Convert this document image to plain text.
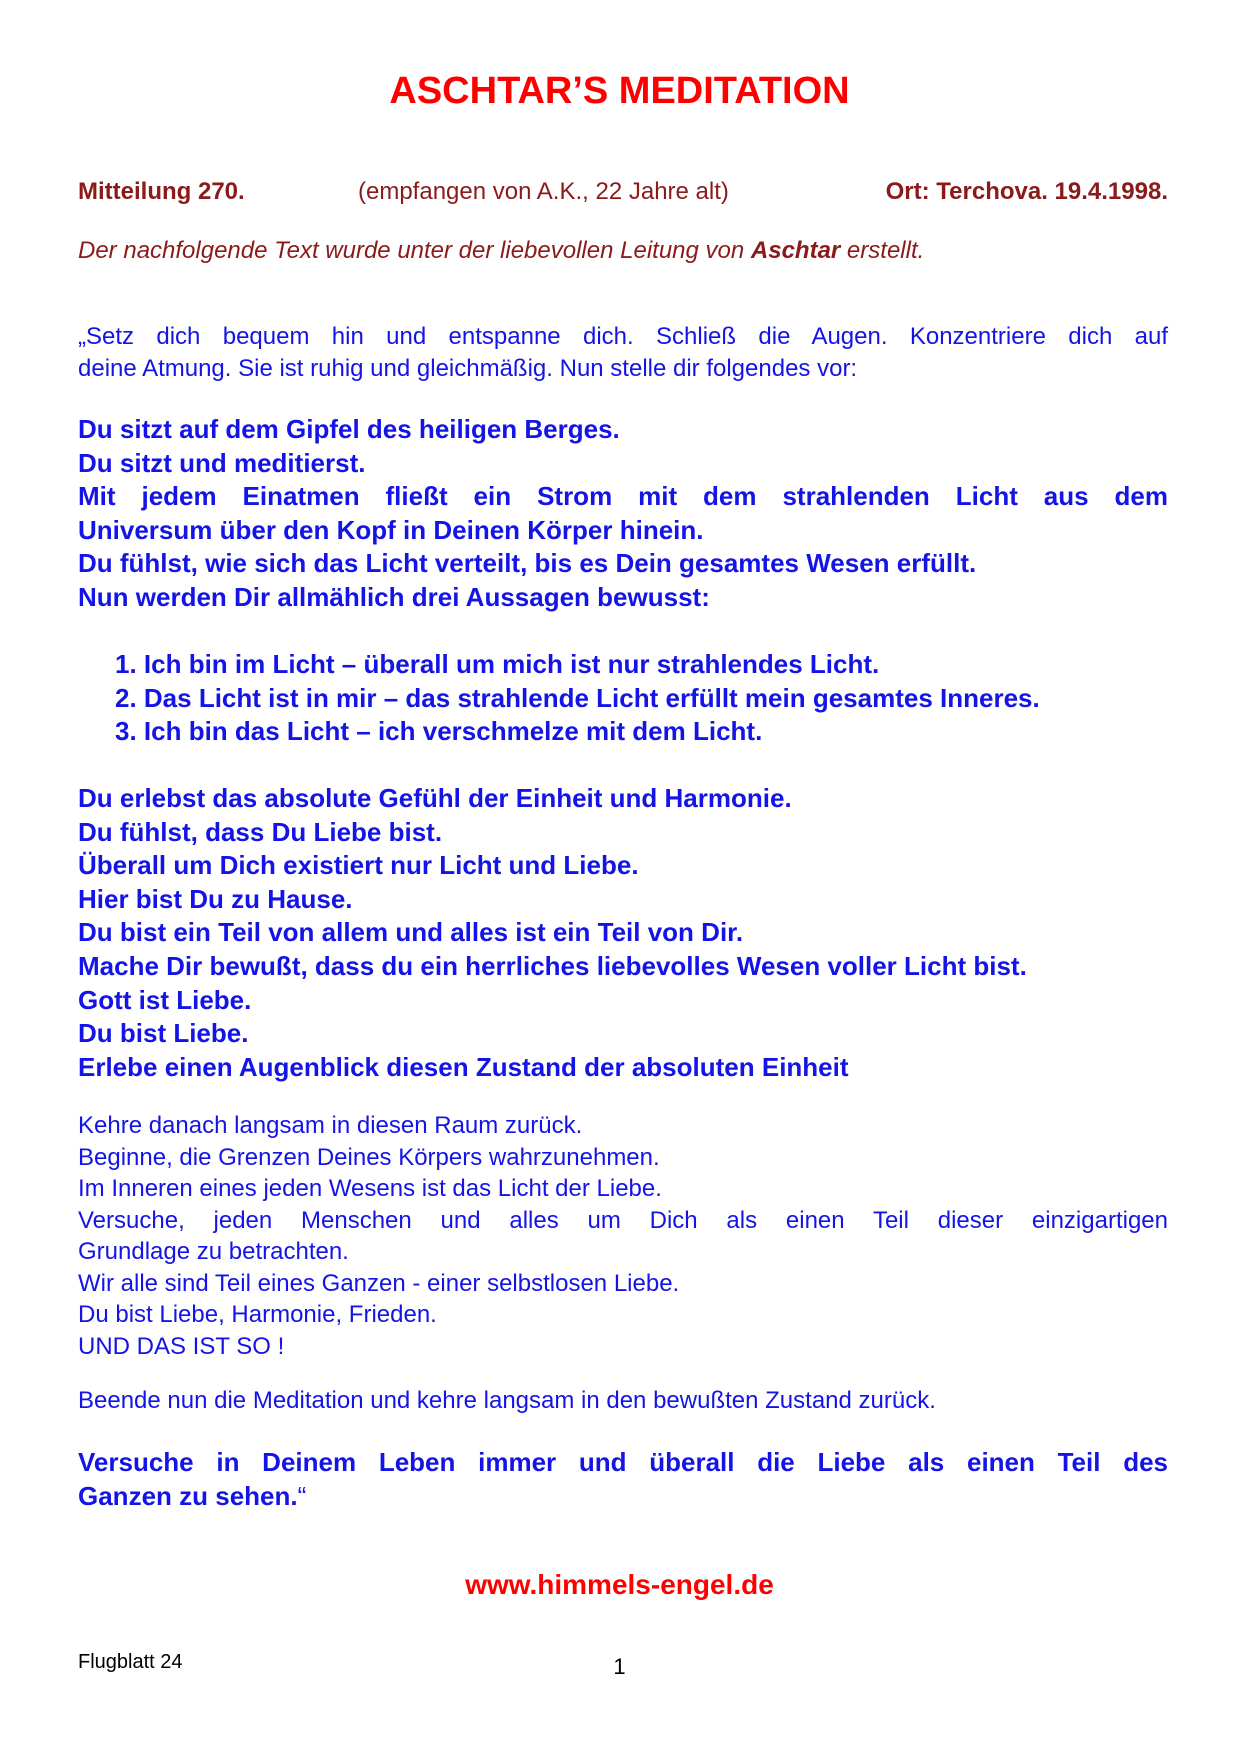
ASCHTAR’S MEDITATION
Mitteilung 270.	(empfangen von A.K., 22 Jahre alt)	Ort: Terchova. 19.4.1998.
Der nachfolgende Text wurde unter der liebevollen Leitung von Aschtar erstellt.
„Setz dich bequem hin und entspanne dich. Schließ die Augen. Konzentriere dich auf
deine Atmung. Sie ist ruhig und gleichmäßig. Nun stelle dir folgendes vor:
Du sitzt auf dem Gipfel des heiligen Berges.
Du sitzt und meditierst.
Mit jedem Einatmen fließt ein Strom mit dem strahlenden Licht aus dem
Universum über den Kopf in Deinen Körper hinein.
Du fühlst, wie sich das Licht verteilt, bis es Dein gesamtes Wesen erfüllt.
Nun werden Dir allmählich drei Aussagen bewusst:
1. Ich bin im Licht – überall um mich ist nur strahlendes Licht.
2. Das Licht ist in mir – das strahlende Licht erfüllt mein gesamtes Inneres.
3. Ich bin das Licht – ich verschmelze mit dem Licht.
Du erlebst das absolute Gefühl der Einheit und Harmonie.
Du fühlst, dass Du Liebe bist.
Überall um Dich existiert nur Licht und Liebe.
Hier bist Du zu Hause.
Du bist ein Teil von allem und alles ist ein Teil von Dir.
Mache Dir bewußt, dass du ein herrliches liebevolles Wesen voller Licht bist.
Gott ist Liebe.
Du bist Liebe.
Erlebe einen Augenblick diesen Zustand der absoluten Einheit
Kehre danach langsam in diesen Raum zurück.
Beginne, die Grenzen Deines Körpers wahrzunehmen.
Im Inneren eines jeden Wesens ist das Licht der Liebe.
Versuche, jeden Menschen und alles um Dich als einen Teil dieser einzigartigen
Grundlage zu betrachten.
Wir alle sind Teil eines Ganzen - einer selbstlosen Liebe.
Du bist Liebe, Harmonie, Frieden.
UND DAS IST SO !
Beende nun die Meditation und kehre langsam in den bewußten Zustand zurück.
Versuche in Deinem Leben immer und überall die Liebe als einen Teil des
Ganzen zu sehen.“
www.himmels-engel.de
Flugblatt 24	1
